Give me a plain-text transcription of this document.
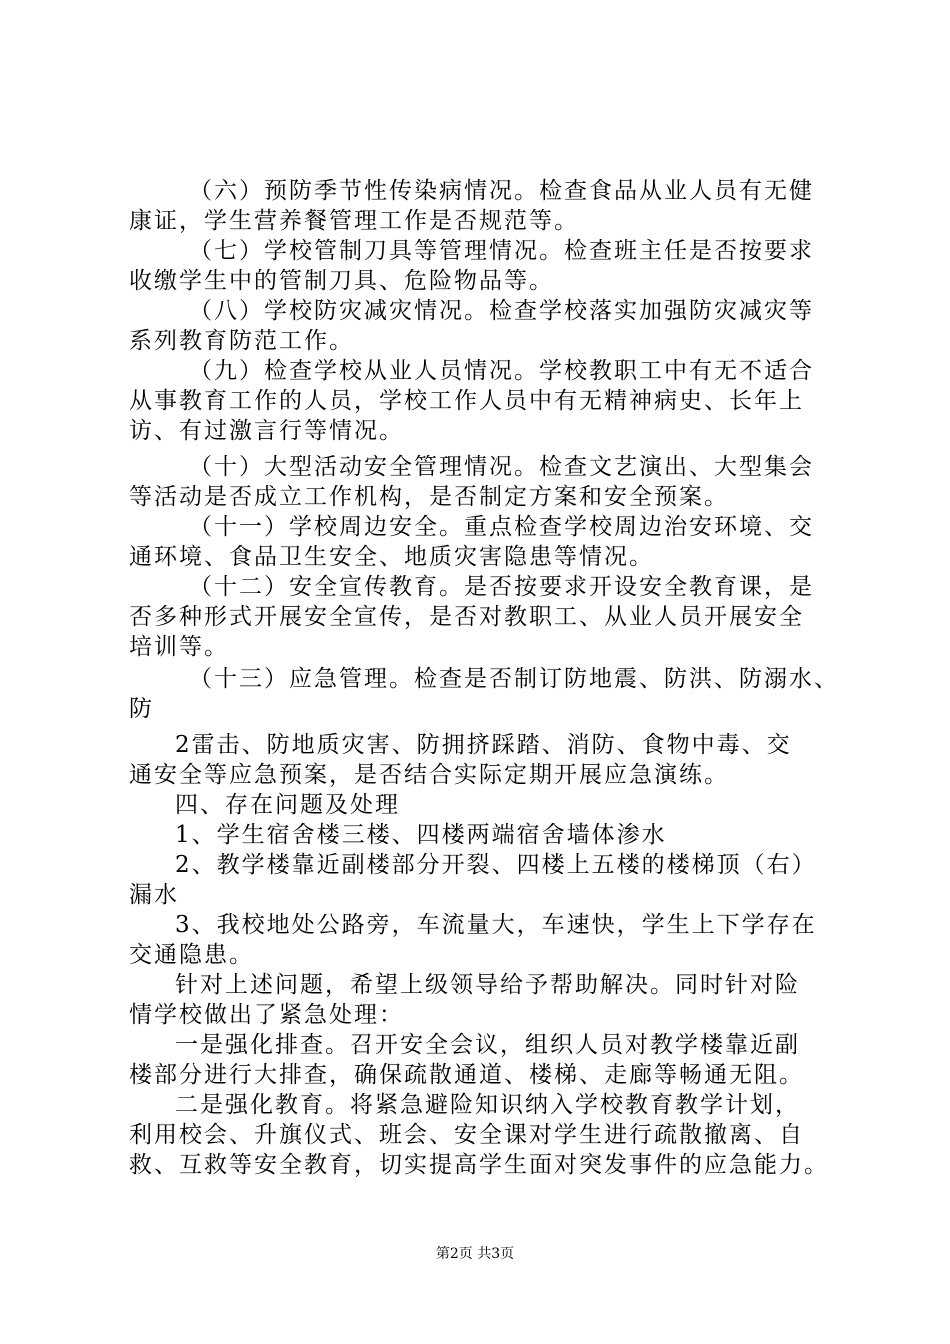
（六）预防季节性传染病情况。检查食品从业人员有无健
康证，学生营养餐管理工作是否规范等。
（七）学校管制刀具等管理情况。检查班主任是否按要求
收缴学生中的管制刀具、危险物品等。
（八）学校防灾减灾情况。检查学校落实加强防灾减灾等
系列教育防范工作。
（九）检查学校从业人员情况。学校教职工中有无不适合
从事教育工作的人员，学校工作人员中有无精神病史、长年上
访、有过激言行等情况。
（十）大型活动安全管理情况。检查文艺演出、大型集会
等活动是否成立工作机构，是否制定方案和安全预案。
（十一）学校周边安全。重点检查学校周边治安环境、交
通环境、食品卫生安全、地质灾害隐患等情况。
（十二）安全宣传教育。是否按要求开设安全教育课，是
否多种形式开展安全宣传，是否对教职工、从业人员开展安全
培训等。
（十三）应急管理。检查是否制订防地震、防洪、防溺水、
防
2雷击、防地质灾害、防拥挤踩踏、消防、食物中毒、交
通安全等应急预案，是否结合实际定期开展应急演练。
四、存在问题及处理
1、学生宿舍楼三楼、四楼两端宿舍墙体渗水
2、教学楼靠近副楼部分开裂、四楼上五楼的楼梯顶（右）
漏水
3、我校地处公路旁，车流量大，车速快，学生上下学存在
交通隐患。
针对上述问题，希望上级领导给予帮助解决。同时针对险
情学校做出了紧急处理：
一是强化排查。召开安全会议，组织人员对教学楼靠近副
楼部分进行大排查，确保疏散通道、楼梯、走廊等畅通无阻。
二是强化教育。将紧急避险知识纳入学校教育教学计划，
利用校会、升旗仪式、班会、安全课对学生进行疏散撤离、自
救、互救等安全教育，切实提高学生面对突发事件的应急能力。
第2页 共3页
